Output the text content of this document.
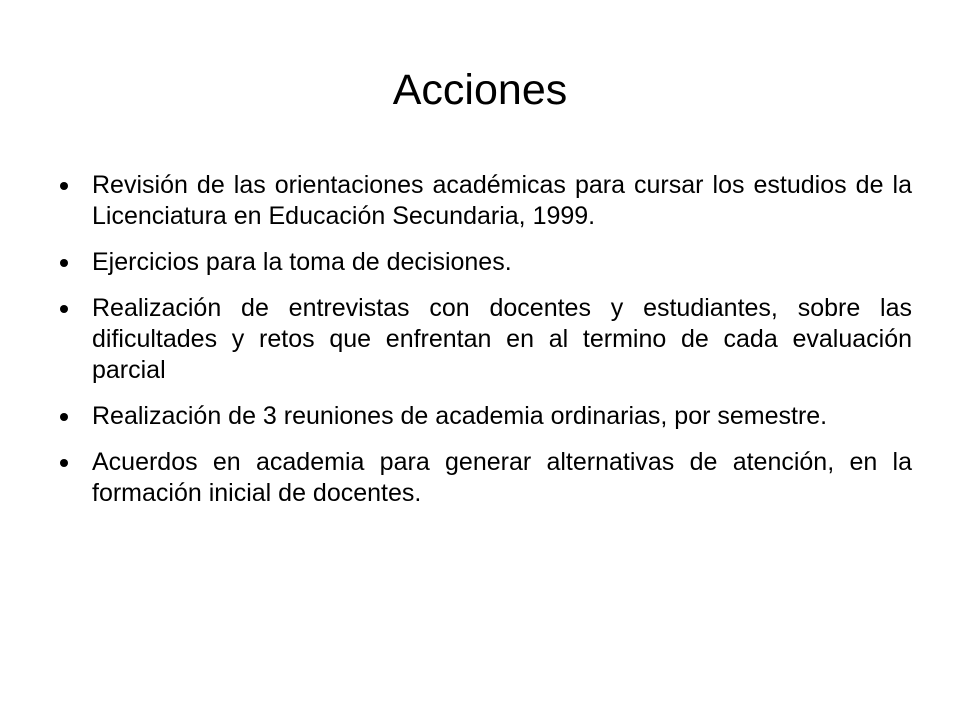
Acciones
Revisión de las orientaciones académicas para cursar los estudios de la Licenciatura en Educación Secundaria, 1999.
Ejercicios para la toma de decisiones.
Realización de entrevistas con docentes y estudiantes, sobre las dificultades y retos que enfrentan en al termino de cada evaluación parcial
Realización de 3 reuniones de academia ordinarias, por semestre.
Acuerdos en academia para generar alternativas de atención, en la formación inicial de docentes.
